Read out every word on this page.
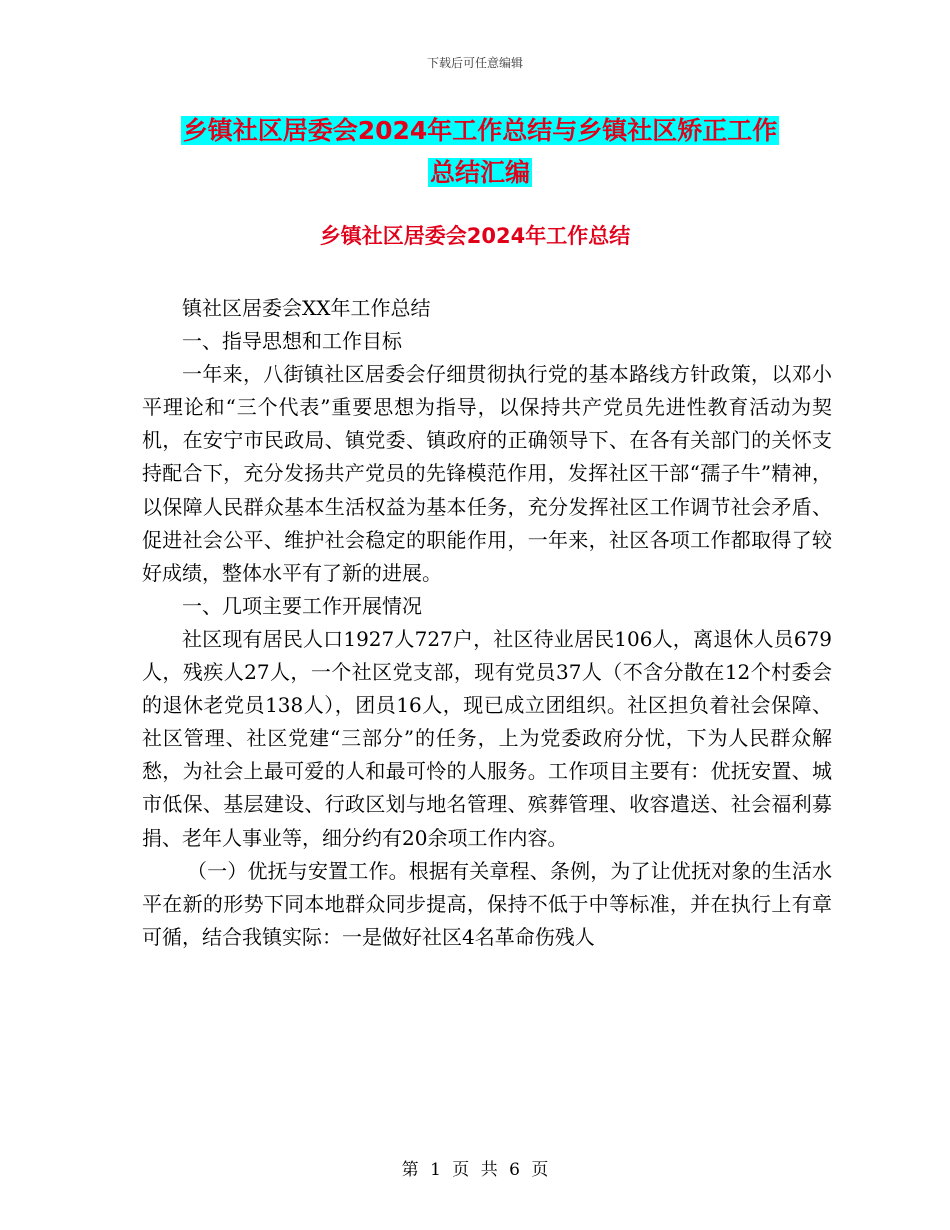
下载后可任意编辑
乡镇社区居委会2024年工作总结与乡镇社区矫正工作
总结汇编
乡镇社区居委会2024年工作总结

镇社区居委会XX年工作总结

一、指导思想和工作目标

一年来，八街镇社区居委会仔细贯彻执行党的基本路线方针政策，以邓小平理论和“三个代表”重要思想为指导，以保持共产党员先进性教育活动为契机，在安宁市民政局、镇党委、镇政府的正确领导下、在各有关部门的关怀支持配合下，充分发扬共产党员的先锋模范作用，发挥社区干部“孺子牛”精神，以保障人民群众基本生活权益为基本任务，充分发挥社区工作调节社会矛盾、促进社会公平、维护社会稳定的职能作用，一年来，社区各项工作都取得了较好成绩，整体水平有了新的进展。

一、几项主要工作开展情况

社区现有居民人口1927人727户，社区待业居民106人，离退休人员679人，残疾人27人，一个社区党支部，现有党员37人（不含分散在12个村委会的退休老党员138人），团员16人，现已成立团组织。社区担负着社会保障、社区管理、社区党建“三部分”的任务，上为党委政府分忧，下为人民群众解愁，为社会上最可爱的人和最可怜的人服务。工作项目主要有：优抚安置、城市低保、基层建设、行政区划与地名管理、殡葬管理、收容遣送、社会福利募捐、老年人事业等，细分约有20余项工作内容。

（一）优抚与安置工作。根据有关章程、条例，为了让优抚对象的生活水平在新的形势下同本地群众同步提高，保持不低于中等标准，并在执行上有章可循，结合我镇实际：一是做好社区4名革命伤残人

第 1 页 共 6 页
